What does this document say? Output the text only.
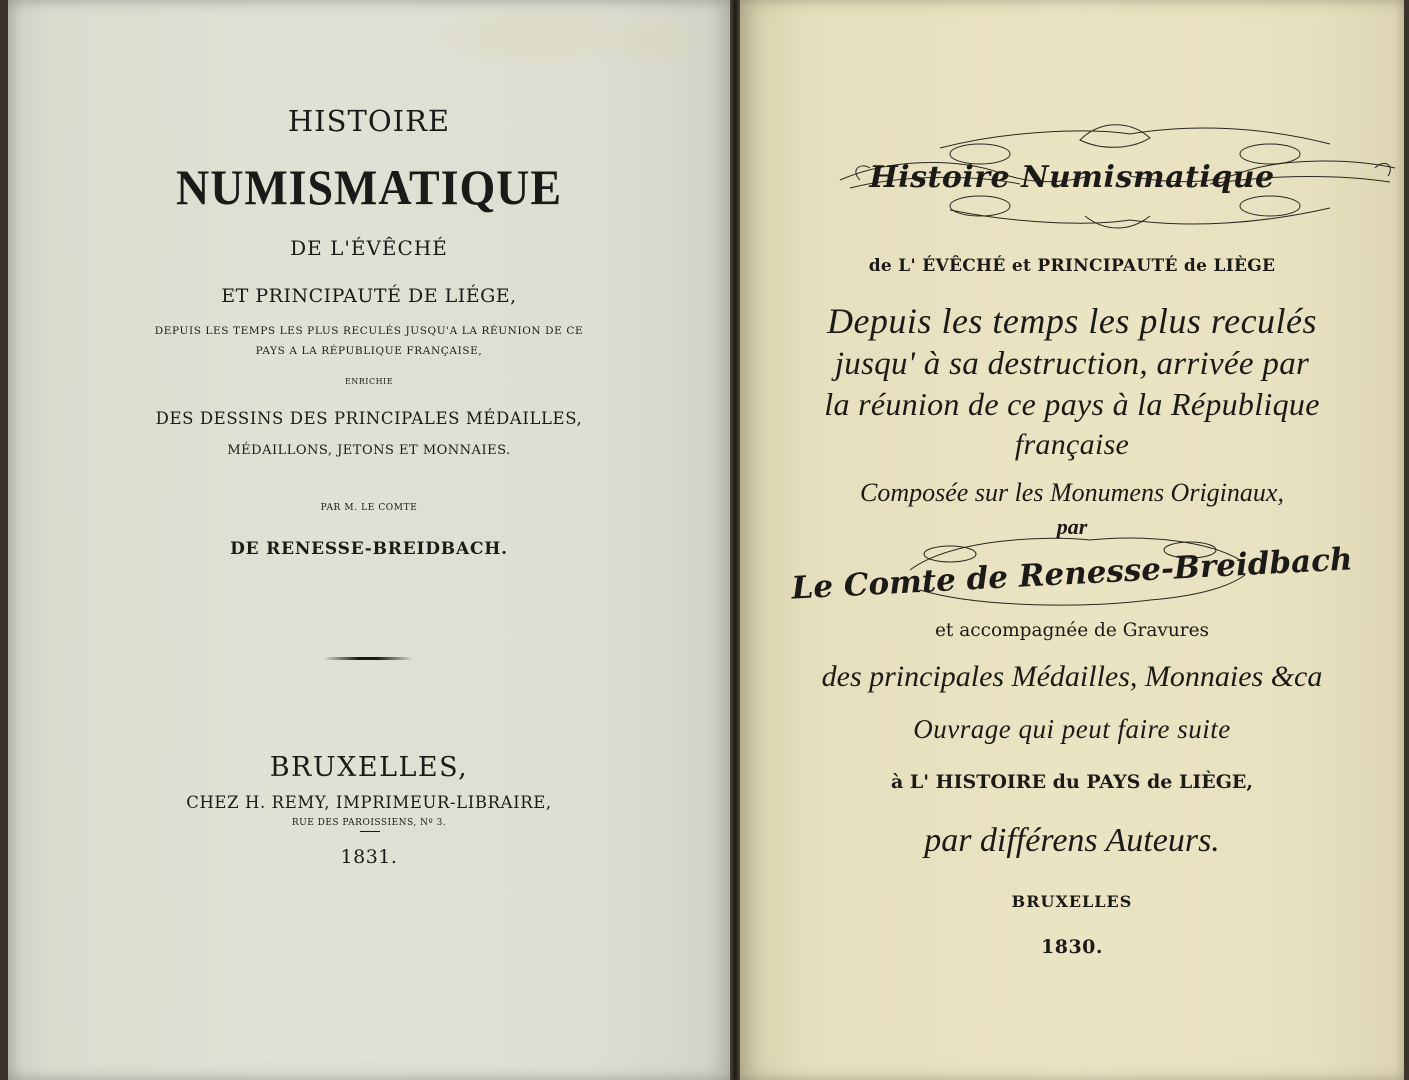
HISTOIRE
NUMISMATIQUE
DE L'ÉVÊCHÉ
ET PRINCIPAUTÉ DE LIÉGE,
DEPUIS LES TEMPS LES PLUS RECULÉS JUSQU'A LA RÉUNION DE CE
PAYS A LA RÉPUBLIQUE FRANÇAISE,
ENRICHIE
DES DESSINS DES PRINCIPALES MÉDAILLES,
MÉDAILLONS, JETONS ET MONNAIES.
PAR M. LE COMTE
DE RENESSE-BREIDBACH.
BRUXELLES,
CHEZ H. REMY, IMPRIMEUR-LIBRAIRE,
RUE DES PAROISSIENS, Nº 3.
1831.
Histoire Numismatique
de L' ÉVÊCHÉ et PRINCIPAUTÉ de LIÈGE
Depuis les temps les plus reculés
jusqu' à sa destruction, arrivée par
la réunion de ce pays à la République
française
Composée sur les Monumens Originaux,
par
Le Comte de Renesse-Breidbach
et accompagnée de Gravures
des principales Médailles, Monnaies &ca
Ouvrage qui peut faire suite
à L' HISTOIRE du PAYS de LIÈGE,
par différens Auteurs.
BRUXELLES
1830.
